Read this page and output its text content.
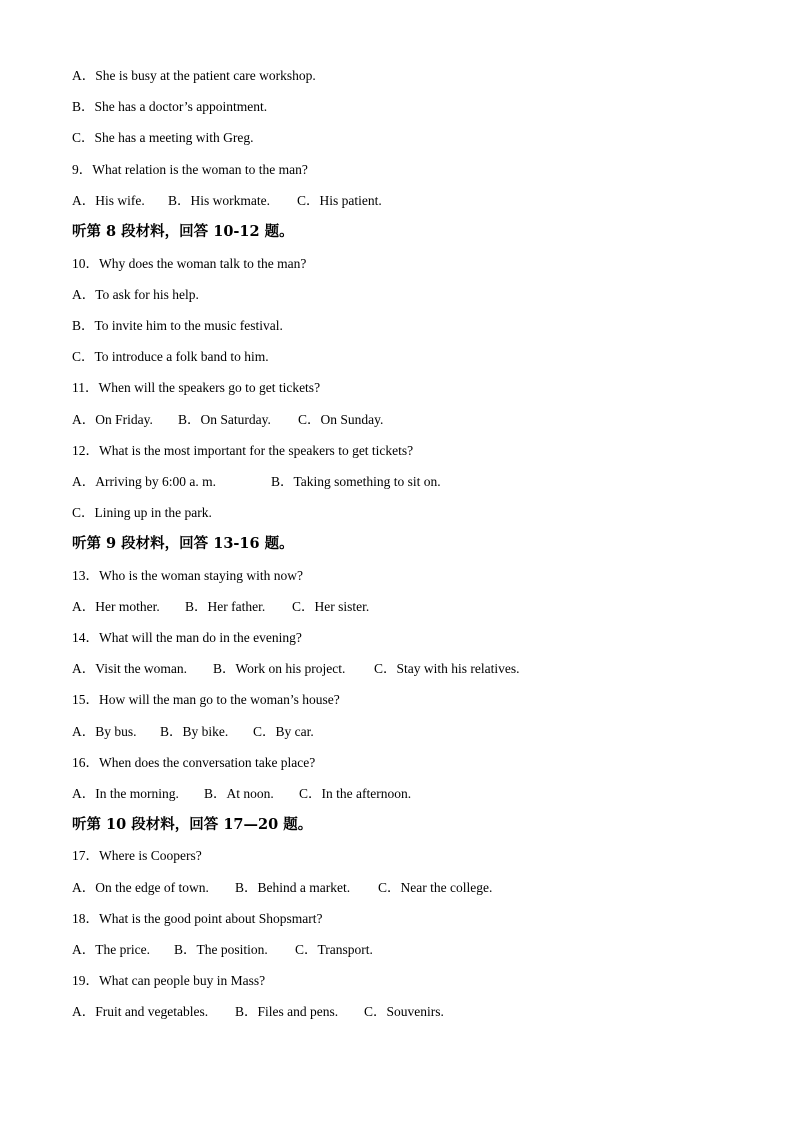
A．She is busy at the patient care workshop.
B．She has a doctor’s appointment.
C．She has a meeting with Greg.
9．What relation is the woman to the man?
A．His wife. B．His workmate. C．His patient.
听第 8 段材料，回答 10-12 题。
10．Why does the woman talk to the man?
A．To ask for his help.
B．To invite him to the music festival.
C．To introduce a folk band to him.
11．When will the speakers go to get tickets?
A．On Friday. B．On Saturday. C．On Sunday.
12．What is the most important for the speakers to get tickets?
A．Arriving by 6:00 a. m.	B．Taking something to sit on.
C．Lining up in the park.
听第 9 段材料，回答 13-16 题。
13．Who is the woman staying with now?
A．Her mother. B．Her father. C．Her sister.
14．What will the man do in the evening?
A．Visit the woman. B．Work on his project. C．Stay with his relatives.
15．How will the man go to the woman’s house?
A．By bus. B．By bike. C．By car.
16．When does the conversation take place?
A．In the morning. B．At noon. C．In the afternoon.
听第 10 段材料，回答 17—20 题。
17．Where is Coopers?
A．On the edge of town. B．Behind a market. C．Near the college.
18．What is the good point about Shopsmart?
A．The price. B．The position. C．Transport.
19．What can people buy in Mass?
A．Fruit and vegetables. B．Files and pens. C．Souvenirs.
